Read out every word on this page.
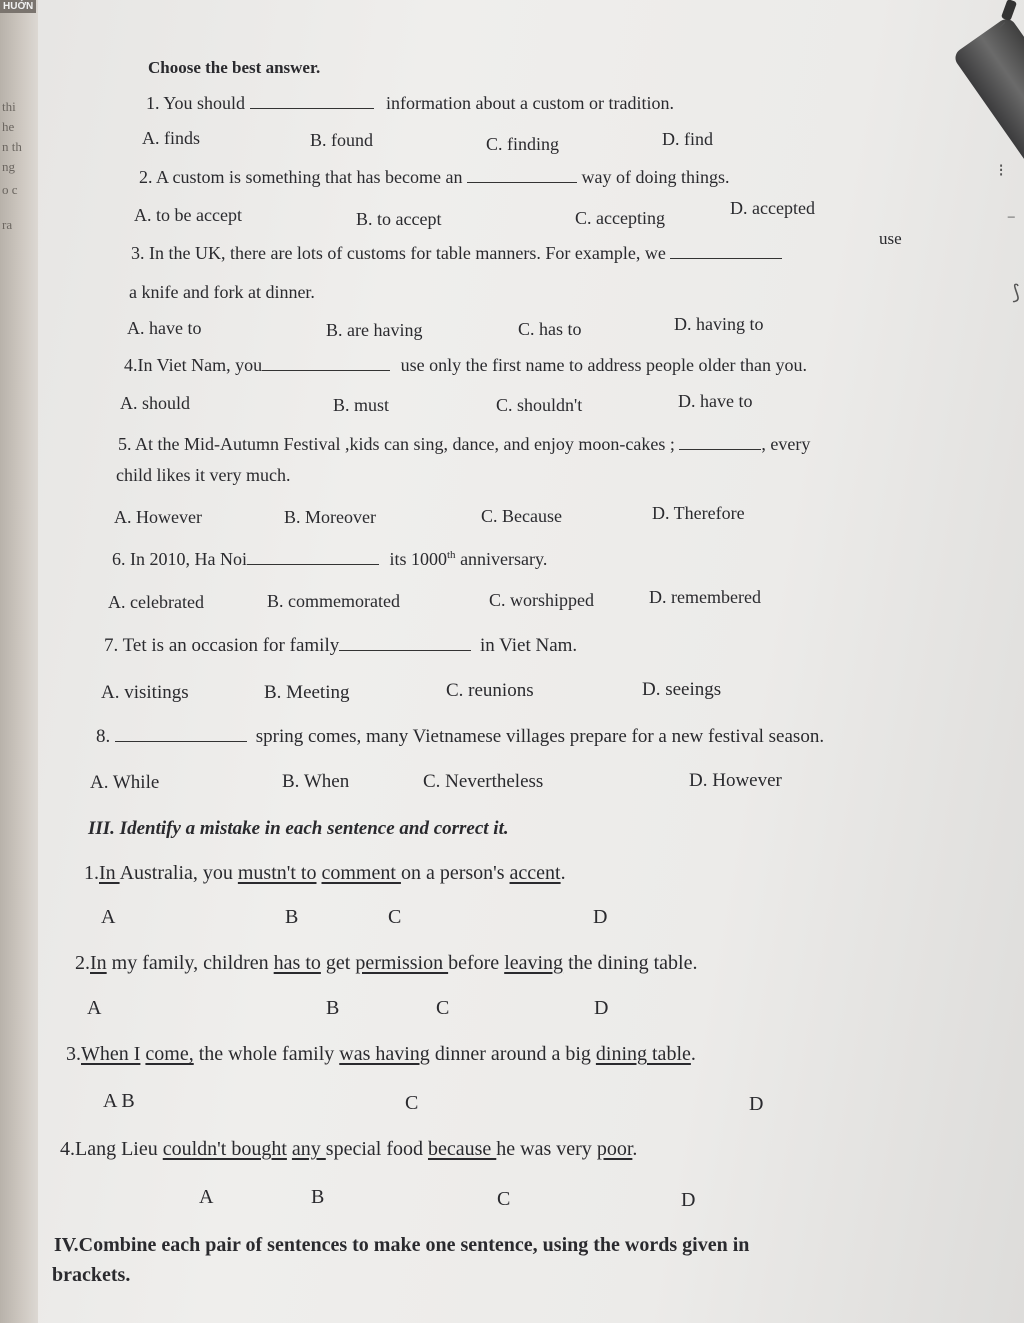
thi
he
n th
ng
o c
ra
HUỚN
⸝
⁝
⁻
⟆
Choose the best answer.
1. You should	information about a custom or tradition.
A. finds	B. found	C. finding	D. find
2. A custom is something that has become an	way of doing things.
A. to be accept	B. to accept	C. accepting	D. accepted
3. In the UK, there are lots of customs for table manners. For example, we
use
a knife and fork at dinner.
A. have to	B. are having	C. has to	D. having to
4.In Viet Nam, you	use only the first name to address people older than you.
A. should	B. must	C. shouldn't	D. have to
5. At the Mid-Autumn Festival ,kids can sing, dance, and enjoy moon-cakes ;	, every
child likes it very much.
A. However	B. Moreover	C. Because	D. Therefore
6. In 2010, Ha Noi	its 1000th anniversary.
A. celebrated	B. commemorated	C. worshipped	D. remembered
7. Tet is an occasion for family	in Viet Nam.
A. visitings	B. Meeting	C. reunions	D. seeings
8.	spring comes, many Vietnamese villages prepare for a new festival season.
A. While	B. When	C. Nevertheless	D. However
III. Identify a mistake in each sentence and correct it.
1.In Australia, you mustn't to comment on a person's accent.
A	B	C	D
2.In my family, children has to get permission before leaving the dining table.
A	B	C	D
3.When I come, the whole family was having dinner around a big dining table.
A B	C	D
4.Lang Lieu couldn't bought any special food because he was very poor.
A	B	C	D
IV.Combine each pair of sentences to make one sentence, using the words given in
brackets.
